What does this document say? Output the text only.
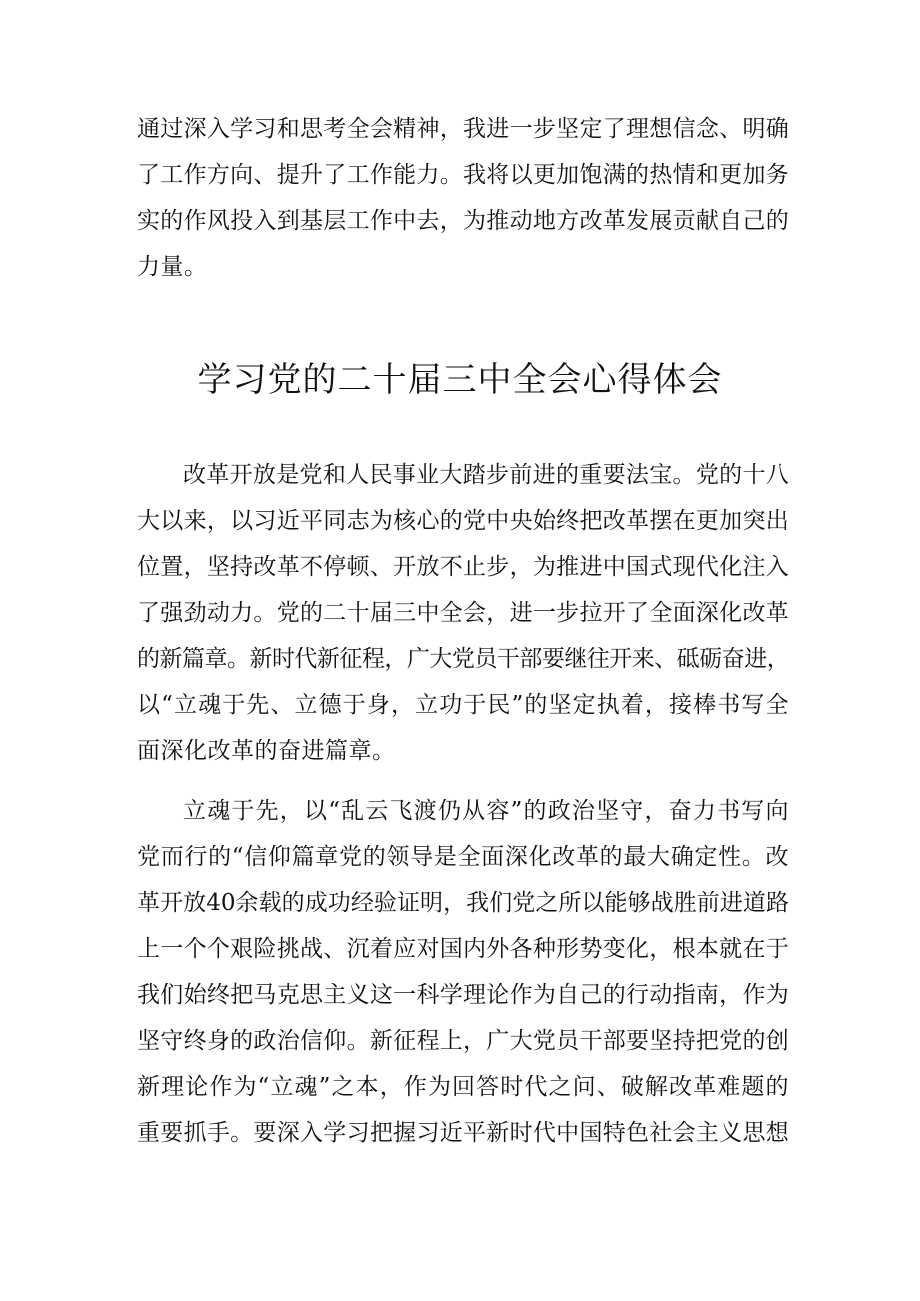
通过深入学习和思考全会精神，我进一步坚定了理想信念、明确
了工作方向、提升了工作能力。我将以更加饱满的热情和更加务
实的作风投入到基层工作中去，为推动地方改革发展贡献自己的
力量。
学习党的二十届三中全会心得体会
改革开放是党和人民事业大踏步前进的重要法宝。党的十八
大以来，以习近平同志为核心的党中央始终把改革摆在更加突出
位置，坚持改革不停顿、开放不止步，为推进中国式现代化注入
了强劲动力。党的二十届三中全会，进一步拉开了全面深化改革
的新篇章。新时代新征程，广大党员干部要继往开来、砥砺奋进，
以“立魂于先、立德于身，立功于民”的坚定执着，接棒书写全
面深化改革的奋进篇章。
立魂于先，以“乱云飞渡仍从容”的政治坚守，奋力书写向
党而行的“信仰篇章党的领导是全面深化改革的最大确定性。改
革开放40余载的成功经验证明，我们党之所以能够战胜前进道路
上一个个艰险挑战、沉着应对国内外各种形势变化，根本就在于
我们始终把马克思主义这一科学理论作为自己的行动指南，作为
坚守终身的政治信仰。新征程上，广大党员干部要坚持把党的创
新理论作为“立魂”之本，作为回答时代之问、破解改革难题的
重要抓手。要深入学习把握习近平新时代中国特色社会主义思想
